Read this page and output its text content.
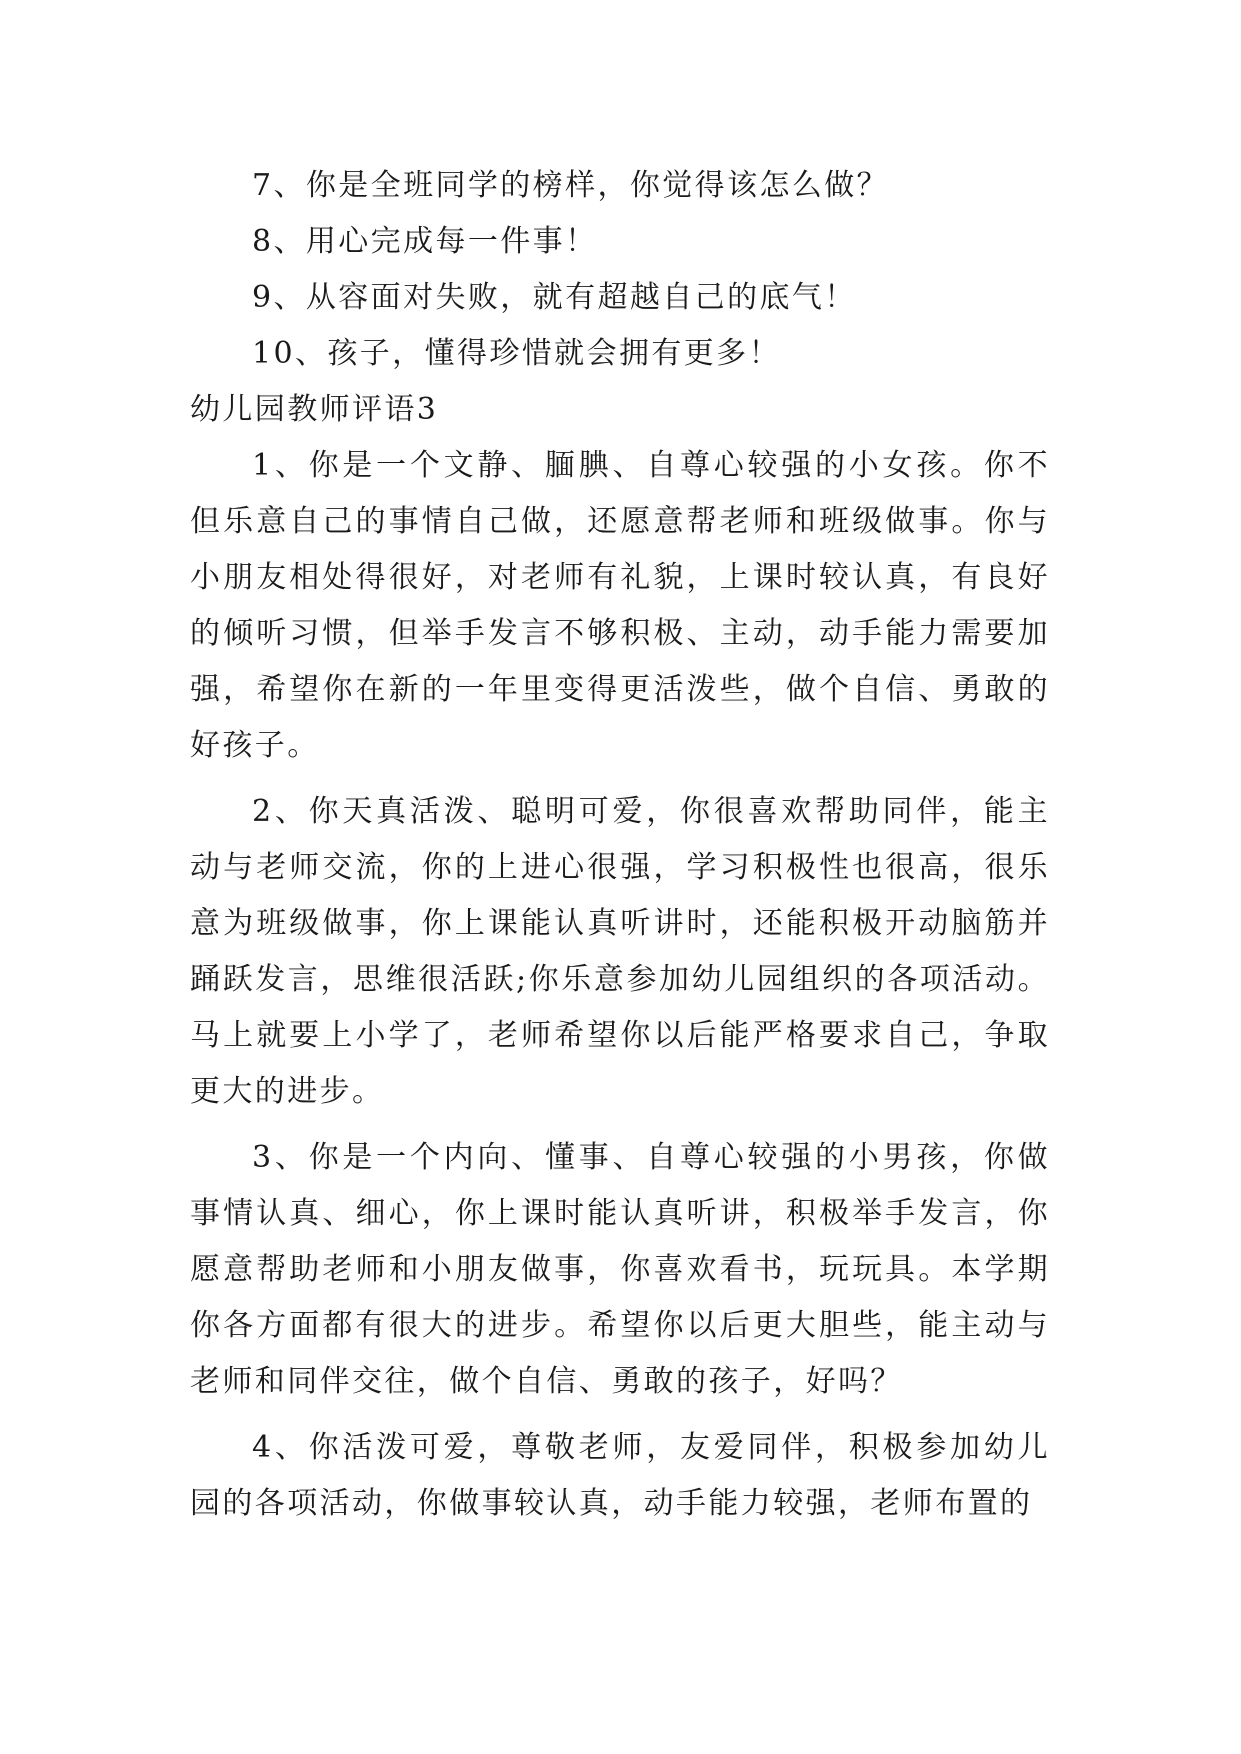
7、你是全班同学的榜样，你觉得该怎么做？

8、用心完成每一件事！

9、从容面对失败，就有超越自己的底气！

10、孩子，懂得珍惜就会拥有更多！

幼儿园教师评语3

1、你是一个文静、腼腆、自尊心较强的小女孩。你不但乐意自己的事情自己做，还愿意帮老师和班级做事。你与小朋友相处得很好，对老师有礼貌，上课时较认真，有良好的倾听习惯，但举手发言不够积极、主动，动手能力需要加强，希望你在新的一年里变得更活泼些，做个自信、勇敢的好孩子。

2、你天真活泼、聪明可爱，你很喜欢帮助同伴，能主动与老师交流，你的上进心很强，学习积极性也很高，很乐意为班级做事，你上课能认真听讲时，还能积极开动脑筋并踊跃发言，思维很活跃;你乐意参加幼儿园组织的各项活动。马上就要上小学了，老师希望你以后能严格要求自己，争取更大的进步。

3、你是一个内向、懂事、自尊心较强的小男孩，你做事情认真、细心，你上课时能认真听讲，积极举手发言，你愿意帮助老师和小朋友做事，你喜欢看书，玩玩具。本学期你各方面都有很大的进步。希望你以后更大胆些，能主动与老师和同伴交往，做个自信、勇敢的孩子，好吗？

4、你活泼可爱，尊敬老师，友爱同伴，积极参加幼儿园的各项活动，你做事较认真，动手能力较强，老师布置的
